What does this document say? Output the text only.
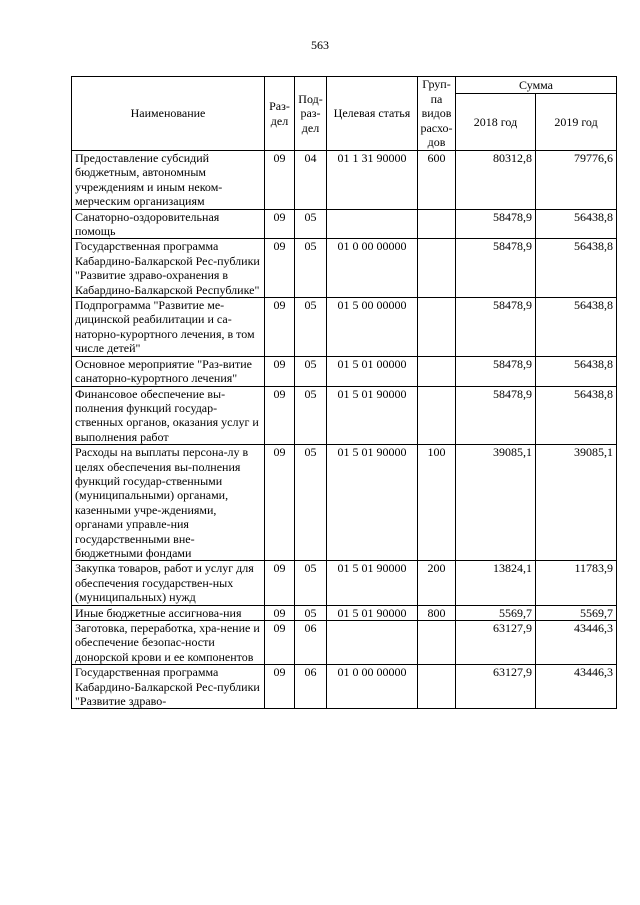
563
Наименование	Раз-дел	Под-раз-дел	Целевая статья	Груп-па видов расхо-дов	Сумма	
					2018 год	2019 год
Предоставление субсидий бюджетным, автономным учреждениям и иным неком-мерческим организациям	09	04	01 1 31 90000	600	80312,8	79776,6
Санаторно-оздоровительная помощь	09	05			58478,9	56438,8
Государственная программа Кабардино-Балкарской Рес-публики "Развитие здраво-охранения в Кабардино-Балкарской Республике"	09	05	01 0 00 00000		58478,9	56438,8
Подпрограмма "Развитие ме-дицинской реабилитации и са-наторно-курортного лечения, в том числе детей"	09	05	01 5 00 00000		58478,9	56438,8
Основное мероприятие "Раз-витие санаторно-курортного лечения"	09	05	01 5 01 00000		58478,9	56438,8
Финансовое обеспечение вы-полнения функций государ-ственных органов, оказания услуг и выполнения работ	09	05	01 5 01 90000		58478,9	56438,8
Расходы на выплаты персона-лу в целях обеспечения вы-полнения функций государ-ственными (муниципальными) органами, казенными учре-ждениями, органами управле-ния государственными вне-бюджетными фондами	09	05	01 5 01 90000	100	39085,1	39085,1
Закупка товаров, работ и услуг для обеспечения государствен-ных (муниципальных) нужд	09	05	01 5 01 90000	200	13824,1	11783,9
Иные бюджетные ассигнова-ния	09	05	01 5 01 90000	800	5569,7	5569,7
Заготовка, переработка, хра-нение и обеспечение безопас-ности донорской крови и ее компонентов	09	06			63127,9	43446,3
Государственная программа Кабардино-Балкарской Рес-публики "Развитие здраво-	09	06	01 0 00 00000		63127,9	43446,3
